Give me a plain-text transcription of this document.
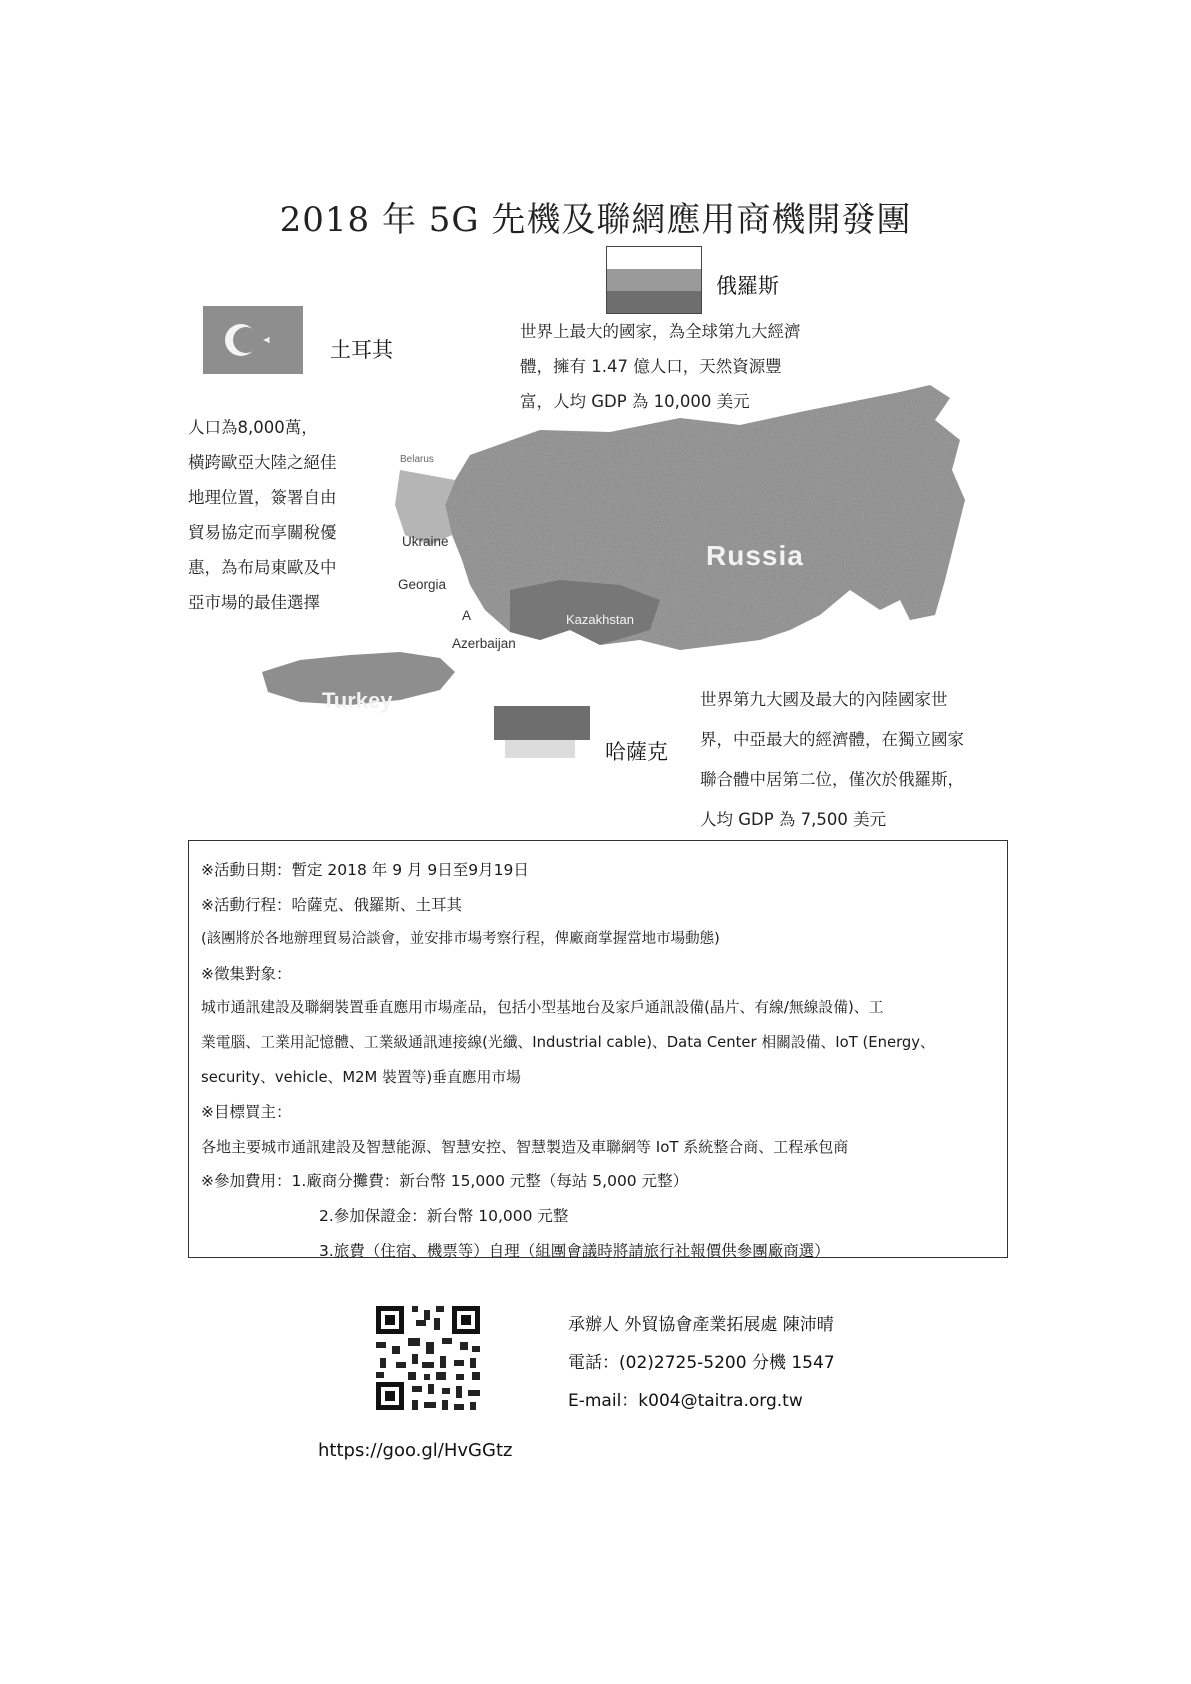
2018 年 5G 先機及聯網應用商機開發團
俄羅斯
土耳其
世界上最大的國家，為全球第九大經濟
體，擁有 1.47 億人口，天然資源豐
富，人均 GDP 為 10,000 美元
人口為8,000萬，
橫跨歐亞大陸之絕佳
地理位置，簽署自由
貿易協定而享關稅優
惠，為布局東歐及中
亞市場的最佳選擇
Russia
Turkey
Kazakhstan
Belarus
Ukraine
Georgia
A
Azerbaijan
哈薩克
世界第九大國及最大的內陸國家世
界，中亞最大的經濟體，在獨立國家
聯合體中居第二位，僅次於俄羅斯，
人均 GDP 為 7,500 美元
※活動日期：暫定 2018 年 9 月 9日至9月19日
※活動行程：哈薩克、俄羅斯、土耳其
(該團將於各地辦理貿易洽談會，並安排市場考察行程，俾廠商掌握當地市場動態)
※徵集對象：
城市通訊建設及聯網裝置垂直應用市場產品，包括小型基地台及家戶通訊設備(晶片、有線/無線設備)、工
業電腦、工業用記憶體、工業級通訊連接線(光纖、Industrial cable)、Data Center 相關設備、IoT (Energy、
security、vehicle、M2M 裝置等)垂直應用市場
※目標買主：
各地主要城市通訊建設及智慧能源、智慧安控、智慧製造及車聯網等 IoT 系統整合商、工程承包商
※參加費用：1.廠商分攤費：新台幣 15,000 元整（每站 5,000 元整）
2.參加保證金：新台幣 10,000 元整
3.旅費（住宿、機票等）自理（組團會議時將請旅行社報價供參團廠商選）
承辦人 外貿協會產業拓展處 陳沛晴
電話：(02)2725-5200 分機 1547
E-mail：k004@taitra.org.tw
https://goo.gl/HvGGtz
